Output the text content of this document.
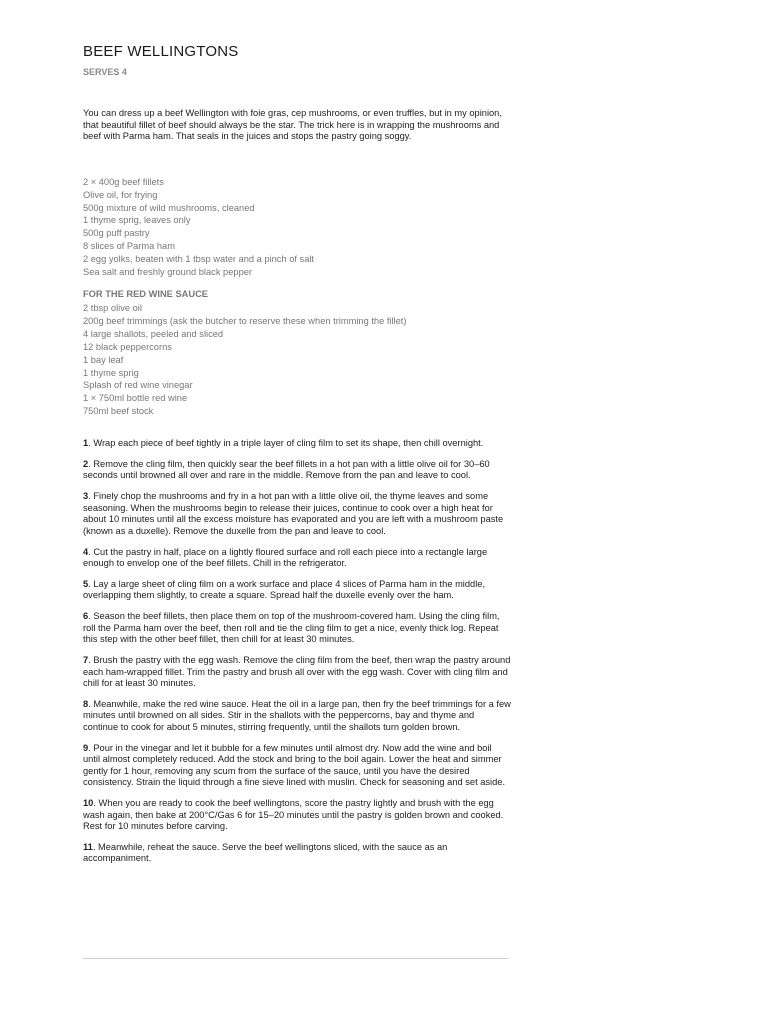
BEEF WELLINGTONS
SERVES 4

You can dress up a beef Wellington with foie gras, cep mushrooms, or even truffles, but in my opinion, that beautiful fillet of beef should always be the star. The trick here is in wrapping the mushrooms and beef with Parma ham. That seals in the juices and stops the pastry going soggy.

2 × 400g beef fillets
Olive oil, for frying
500g mixture of wild mushrooms, cleaned
1 thyme sprig, leaves only
500g puff pastry
8 slices of Parma ham
2 egg yolks, beaten with 1 tbsp water and a pinch of salt
Sea salt and freshly ground black pepper
FOR THE RED WINE SAUCE
2 tbsp olive oil
200g beef trimmings (ask the butcher to reserve these when trimming the fillet)
4 large shallots, peeled and sliced
12 black peppercorns
1 bay leaf
1 thyme sprig
Splash of red wine vinegar
1 × 750ml bottle red wine
750ml beef stock
1. Wrap each piece of beef tightly in a triple layer of cling film to set its shape, then chill overnight.
2. Remove the cling film, then quickly sear the beef fillets in a hot pan with a little olive oil for 30–60 seconds until browned all over and rare in the middle. Remove from the pan and leave to cool.
3. Finely chop the mushrooms and fry in a hot pan with a little olive oil, the thyme leaves and some seasoning. When the mushrooms begin to release their juices, continue to cook over a high heat for about 10 minutes until all the excess moisture has evaporated and you are left with a mushroom paste (known as a duxelle). Remove the duxelle from the pan and leave to cool.
4. Cut the pastry in half, place on a lightly floured surface and roll each piece into a rectangle large enough to envelop one of the beef fillets. Chill in the refrigerator.
5. Lay a large sheet of cling film on a work surface and place 4 slices of Parma ham in the middle, overlapping them slightly, to create a square. Spread half the duxelle evenly over the ham.
6. Season the beef fillets, then place them on top of the mushroom-covered ham. Using the cling film, roll the Parma ham over the beef, then roll and tie the cling film to get a nice, evenly thick log. Repeat this step with the other beef fillet, then chill for at least 30 minutes.
7. Brush the pastry with the egg wash. Remove the cling film from the beef, then wrap the pastry around each ham-wrapped fillet. Trim the pastry and brush all over with the egg wash. Cover with cling film and chill for at least 30 minutes.
8. Meanwhile, make the red wine sauce. Heat the oil in a large pan, then fry the beef trimmings for a few minutes until browned on all sides. Stir in the shallots with the peppercorns, bay and thyme and continue to cook for about 5 minutes, stirring frequently, until the shallots turn golden brown.
9. Pour in the vinegar and let it bubble for a few minutes until almost dry. Now add the wine and boil until almost completely reduced. Add the stock and bring to the boil again. Lower the heat and simmer gently for 1 hour, removing any scum from the surface of the sauce, until you have the desired consistency. Strain the liquid through a fine sieve lined with muslin. Check for seasoning and set aside.
10. When you are ready to cook the beef wellingtons, score the pastry lightly and brush with the egg wash again, then bake at 200°C/Gas 6 for 15–20 minutes until the pastry is golden brown and cooked. Rest for 10 minutes before carving.
11. Meanwhile, reheat the sauce. Serve the beef wellingtons sliced, with the sauce as an accompaniment.
